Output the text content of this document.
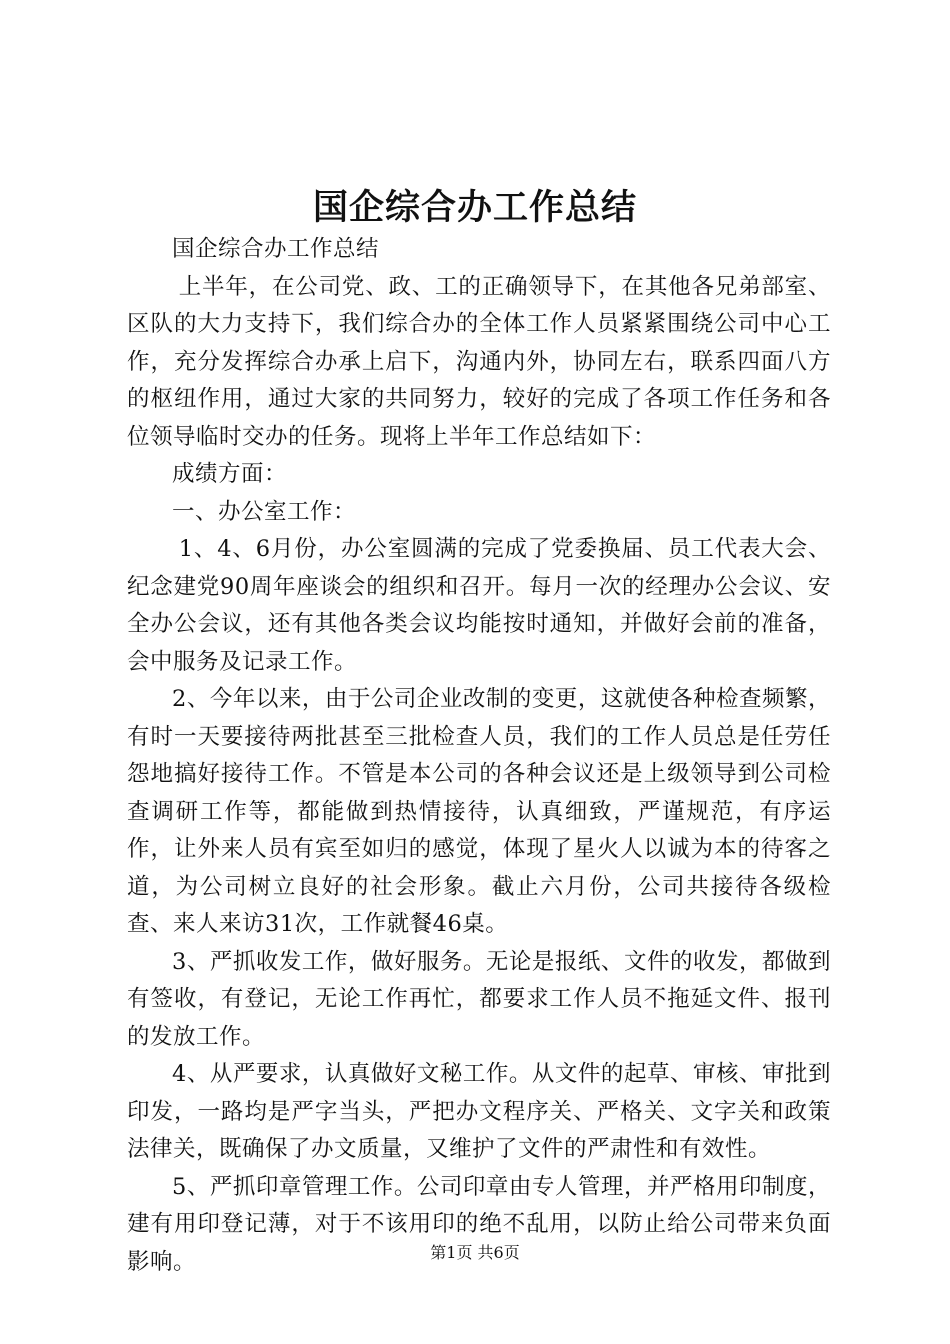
国企综合办工作总结

国企综合办工作总结

上半年，在公司党、政、工的正确领导下，在其他各兄弟部室、区队的大力支持下，我们综合办的全体工作人员紧紧围绕公司中心工作，充分发挥综合办承上启下，沟通内外，协同左右，联系四面八方的枢纽作用，通过大家的共同努力，较好的完成了各项工作任务和各位领导临时交办的任务。现将上半年工作总结如下：

成绩方面：

一、办公室工作：

1、4、6月份，办公室圆满的完成了党委换届、员工代表大会、纪念建党90周年座谈会的组织和召开。每月一次的经理办公会议、安全办公会议，还有其他各类会议均能按时通知，并做好会前的准备，会中服务及记录工作。

2、今年以来，由于公司企业改制的变更，这就使各种检查频繁，有时一天要接待两批甚至三批检查人员，我们的工作人员总是任劳任怨地搞好接待工作。不管是本公司的各种会议还是上级领导到公司检查调研工作等，都能做到热情接待，认真细致，严谨规范，有序运作，让外来人员有宾至如归的感觉，体现了星火人以诚为本的待客之道，为公司树立良好的社会形象。截止六月份，公司共接待各级检查、来人来访31次，工作就餐46桌。

3、严抓收发工作，做好服务。无论是报纸、文件的收发，都做到有签收，有登记，无论工作再忙，都要求工作人员不拖延文件、报刊的发放工作。

4、从严要求，认真做好文秘工作。从文件的起草、审核、审批到印发，一路均是严字当头，严把办文程序关、严格关、文字关和政策法律关，既确保了办文质量，又维护了文件的严肃性和有效性。

5、严抓印章管理工作。公司印章由专人管理，并严格用印制度，建有用印登记薄，对于不该用印的绝不乱用，以防止给公司带来负面影响。	第1页 共6页
